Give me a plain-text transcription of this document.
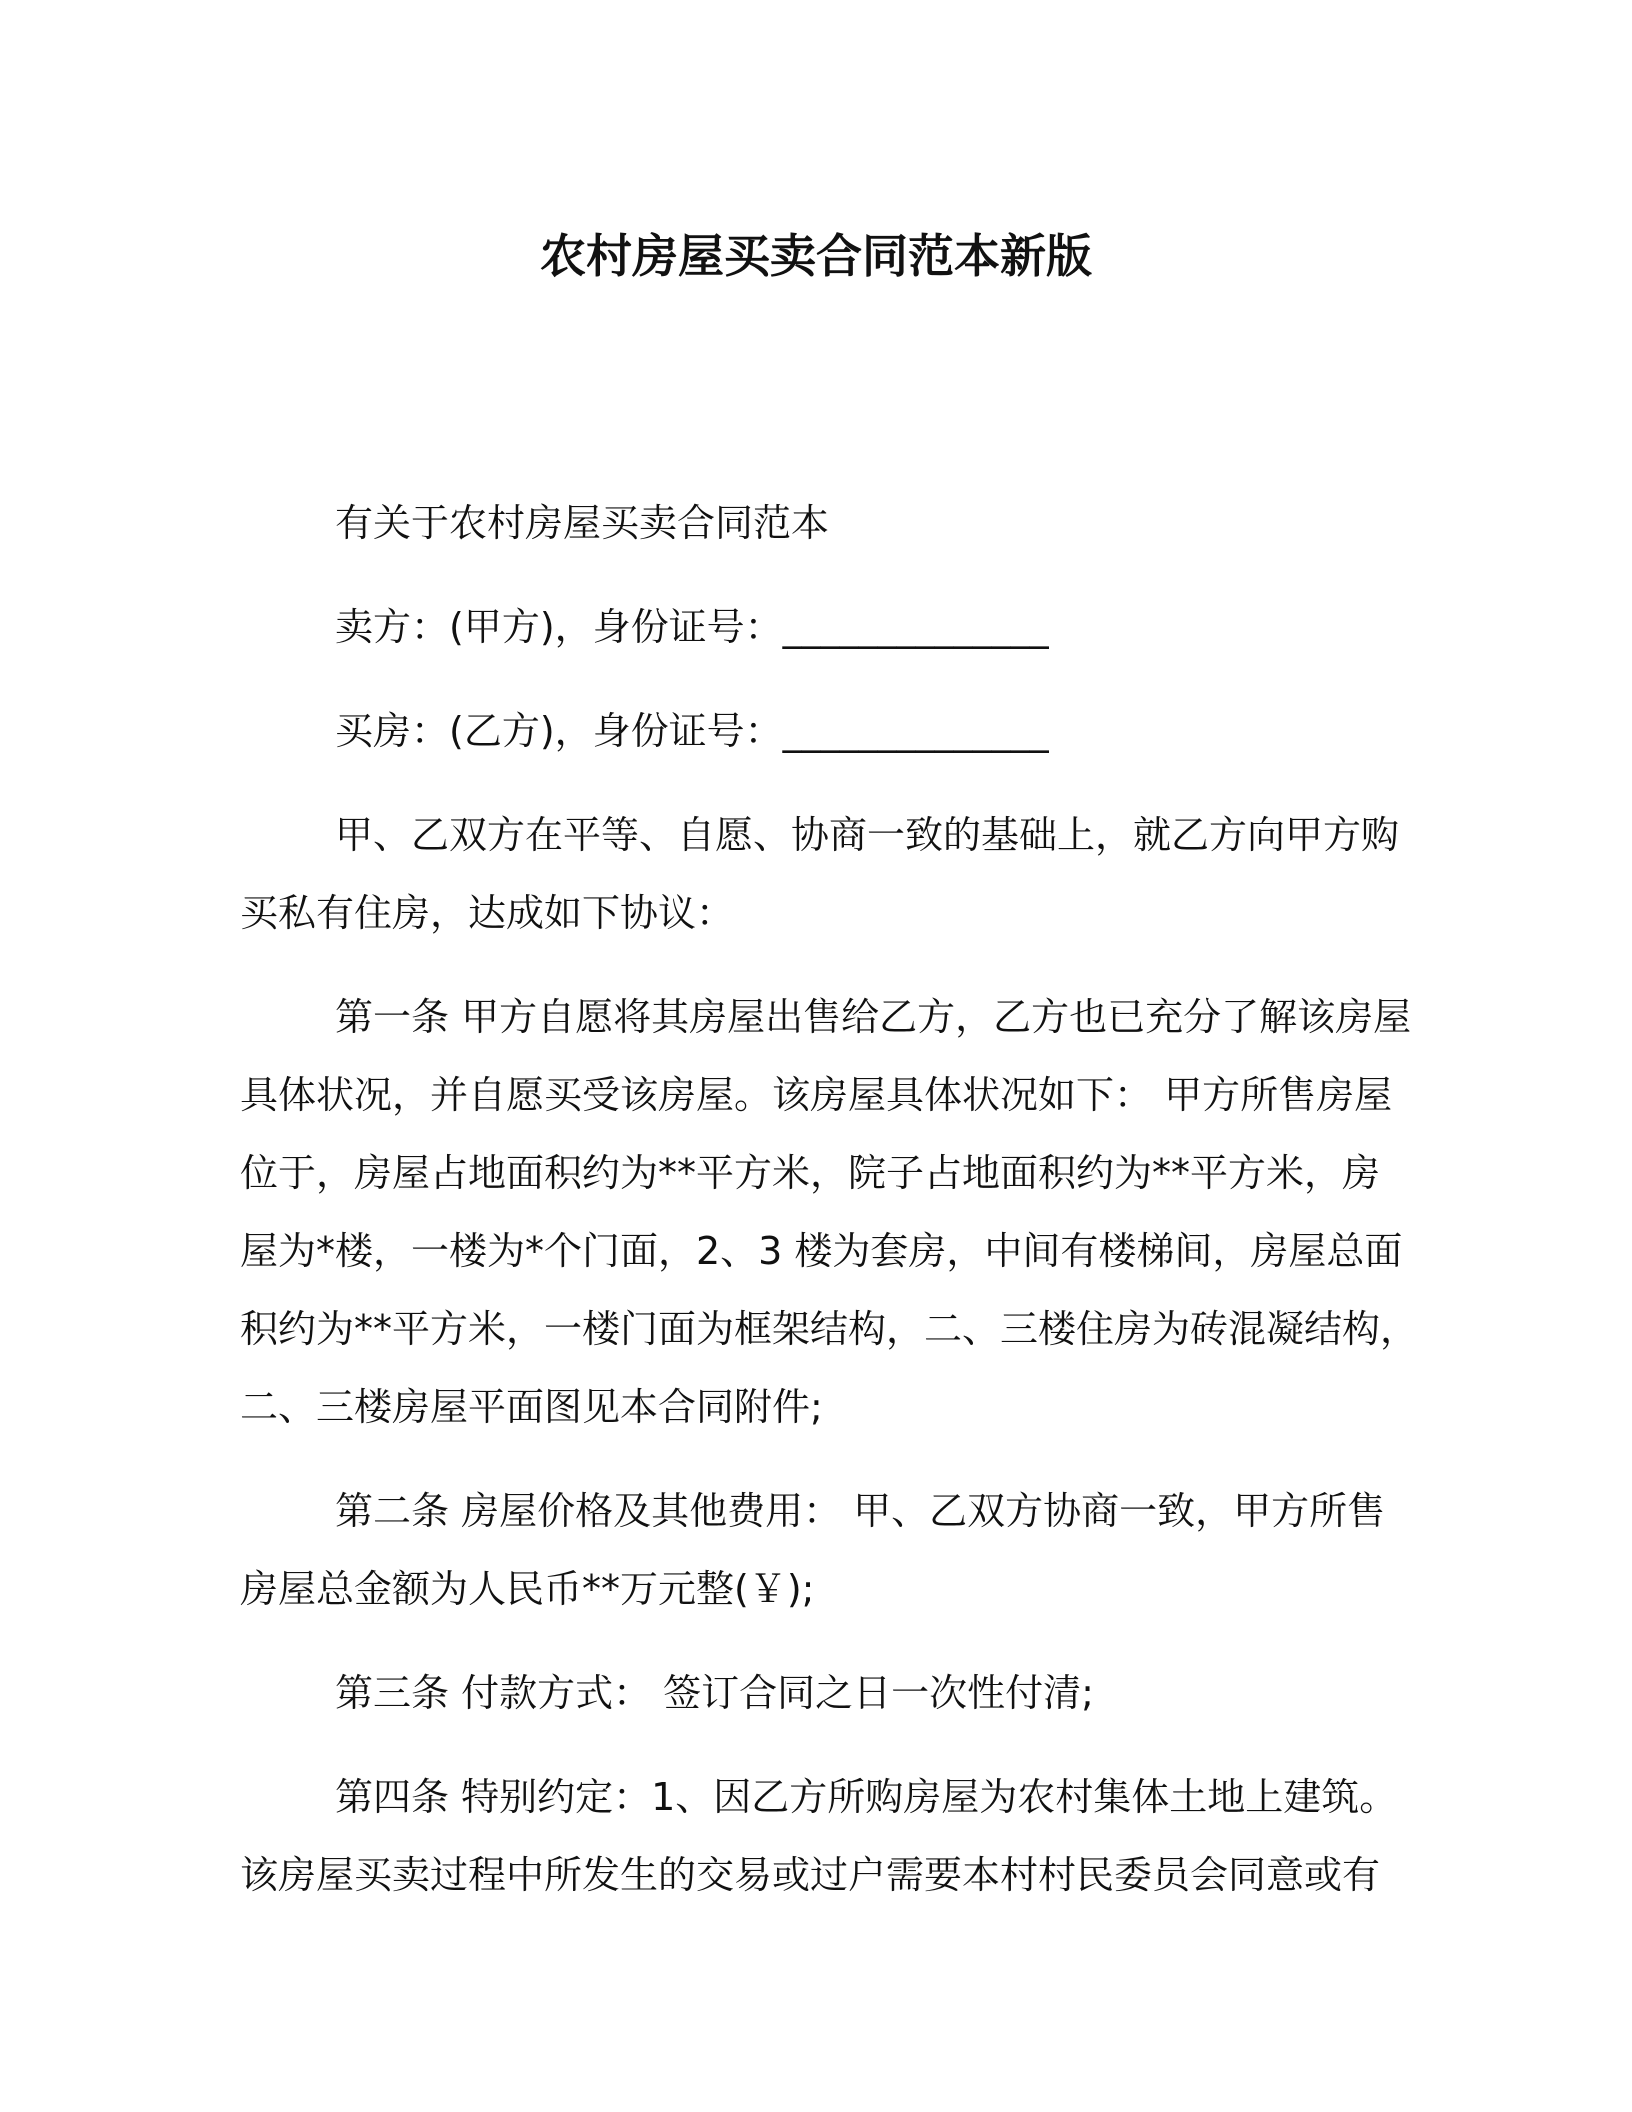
农村房屋买卖合同范本新版
有关于农村房屋买卖合同范本
卖方：(甲方)，身份证号：______________
买房：(乙方)，身份证号：______________
甲、乙双方在平等、自愿、协商一致的基础上，就乙方向甲方购
买私有住房，达成如下协议：
第一条 甲方自愿将其房屋出售给乙方，乙方也已充分了解该房屋
具体状况，并自愿买受该房屋。该房屋具体状况如下： 甲方所售房屋
位于，房屋占地面积约为**平方米，院子占地面积约为**平方米，房
屋为*楼，一楼为*个门面，2、3 楼为套房，中间有楼梯间，房屋总面
积约为**平方米，一楼门面为框架结构，二、三楼住房为砖混凝结构，
二、三楼房屋平面图见本合同附件;
第二条 房屋价格及其他费用： 甲、乙双方协商一致，甲方所售
房屋总金额为人民币**万元整(￥);
第三条 付款方式： 签订合同之日一次性付清;
第四条 特别约定：1、因乙方所购房屋为农村集体土地上建筑。
该房屋买卖过程中所发生的交易或过户需要本村村民委员会同意或有
